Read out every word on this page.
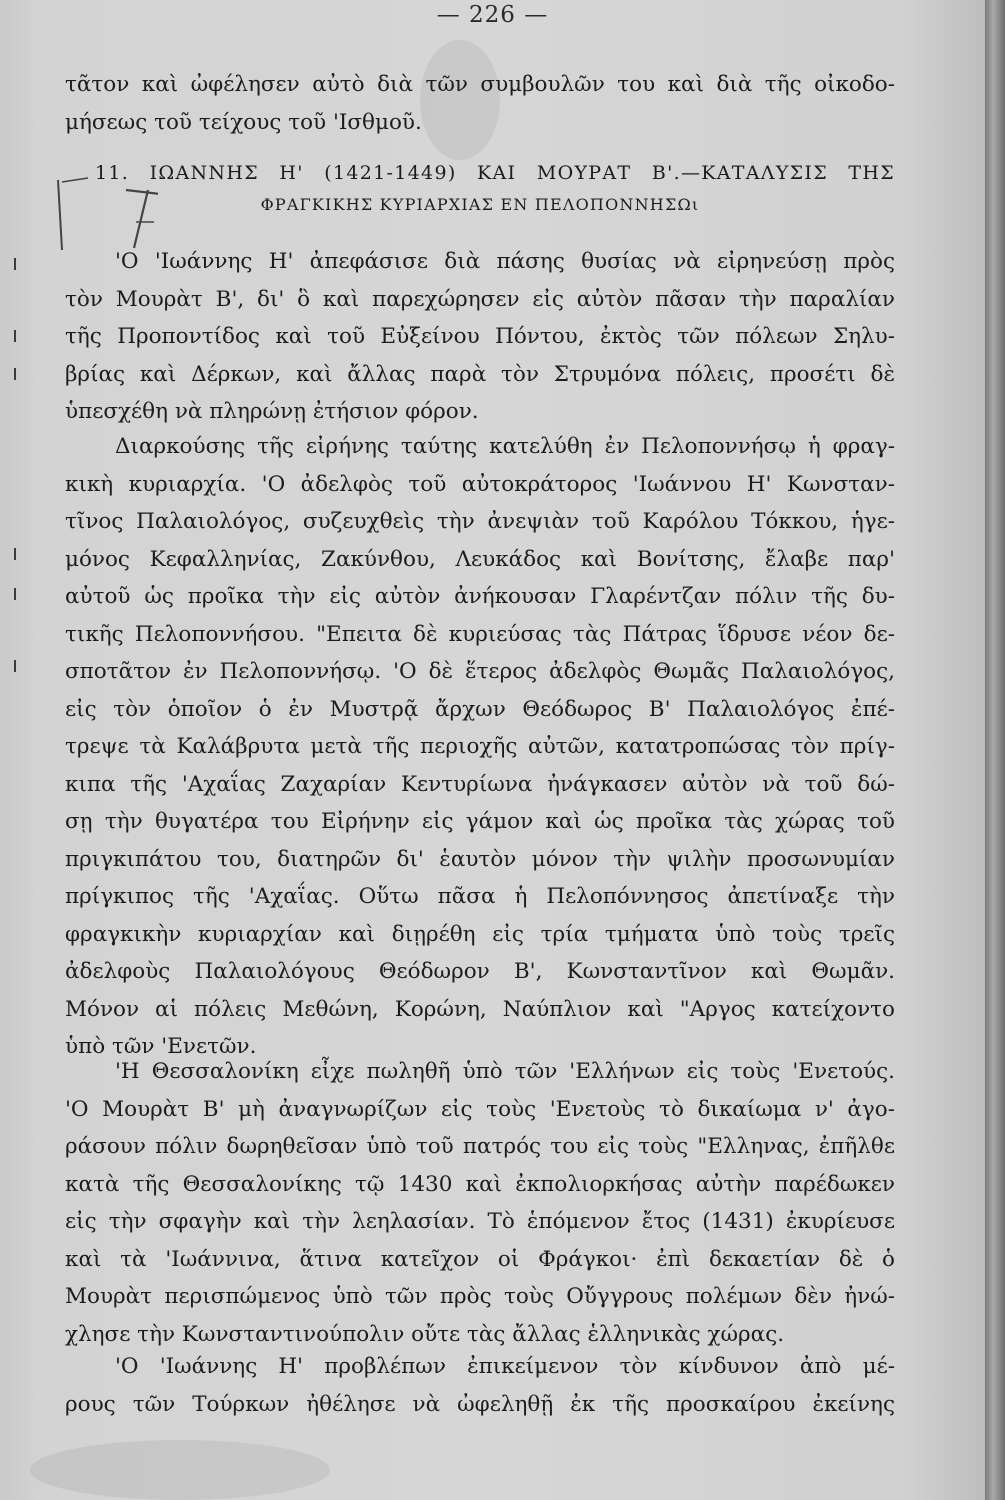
— 226 —
τᾶτον καὶ ὠφέλησεν αὐτὸ διὰ τῶν συμβουλῶν του καὶ διὰ τῆς οἰκοδο-
μήσεως τοῦ τείχους τοῦ 'Ισθμοῦ.
11. ΙΩΑΝΝΗΣ Η' (1421-1449) ΚΑΙ ΜΟΥΡΑΤ Β'.—ΚΑΤΑΛΥΣΙΣ ΤΗΣ
ΦΡΑΓΚΙΚΗΣ ΚΥΡΙΑΡΧΙΑΣ ΕΝ ΠΕΛΟΠΟΝΝΗΣΩι
'Ο 'Ιωάννης Η' ἀπεφάσισε διὰ πάσης θυσίας νὰ εἰρηνεύσῃ πρὸς
τὸν Μουρὰτ Β', δι' ὃ καὶ παρεχώρησεν εἰς αὐτὸν πᾶσαν τὴν παραλίαν
τῆς Προποντίδος καὶ τοῦ Εὐξείνου Πόντου, ἐκτὸς τῶν πόλεων Σηλυ-
βρίας καὶ Δέρκων, καὶ ἄλλας παρὰ τὸν Στρυμόνα πόλεις, προσέτι δὲ
ὑπεσχέθη νὰ πληρώνῃ ἐτήσιον φόρον.
Διαρκούσης τῆς εἰρήνης ταύτης κατελύθη ἐν Πελοποννήσῳ ἡ φραγ-
κικὴ κυριαρχία. 'Ο ἀδελφὸς τοῦ αὐτοκράτορος 'Ιωάννου Η' Κωνσταν-
τῖνος Παλαιολόγος, συζευχθεὶς τὴν ἀνεψιὰν τοῦ Καρόλου Τόκκου, ἡγε-
μόνος Κεφαλληνίας, Ζακύνθου, Λευκάδος καὶ Βονίτσης, ἔλαβε παρ'
αὐτοῦ ὡς προῖκα τὴν εἰς αὐτὸν ἀνήκουσαν Γλαρέντζαν πόλιν τῆς δυ-
τικῆς Πελοποννήσου. "Επειτα δὲ κυριεύσας τὰς Πάτρας ἵδρυσε νέον δε-
σποτᾶτον ἐν Πελοποννήσῳ. 'Ο δὲ ἕτερος ἀδελφὸς Θωμᾶς Παλαιολόγος,
εἰς τὸν ὁποῖον ὁ ἐν Μυστρᾷ ἄρχων Θεόδωρος Β' Παλαιολόγος ἐπέ-
τρεψε τὰ Καλάβρυτα μετὰ τῆς περιοχῆς αὐτῶν, κατατροπώσας τὸν πρίγ-
κιπα τῆς 'Αχαΐας Ζαχαρίαν Κεντυρίωνα ἠνάγκασεν αὐτὸν νὰ τοῦ δώ-
σῃ τὴν θυγατέρα του Εἰρήνην εἰς γάμον καὶ ὡς προῖκα τὰς χώρας τοῦ
πριγκιπάτου του, διατηρῶν δι' ἑαυτὸν μόνον τὴν ψιλὴν προσωνυμίαν
πρίγκιπος τῆς 'Αχαΐας. Οὕτω πᾶσα ἡ Πελοπόννησος ἀπετίναξε τὴν
φραγκικὴν κυριαρχίαν καὶ διῃρέθη εἰς τρία τμήματα ὑπὸ τοὺς τρεῖς
ἀδελφοὺς Παλαιολόγους Θεόδωρον Β', Κωνσταντῖνον καὶ Θωμᾶν.
Μόνον αἱ πόλεις Μεθώνη, Κορώνη, Ναύπλιον καὶ "Αργος κατείχοντο
ὑπὸ τῶν 'Ενετῶν.
'Η Θεσσαλονίκη εἶχε πωληθῆ ὑπὸ τῶν 'Ελλήνων εἰς τοὺς 'Ενετούς.
'Ο Μουρὰτ Β' μὴ ἀναγνωρίζων εἰς τοὺς 'Ενετοὺς τὸ δικαίωμα ν' ἀγο-
ράσουν πόλιν δωρηθεῖσαν ὑπὸ τοῦ πατρός του εἰς τοὺς "Ελληνας, ἐπῆλθε
κατὰ τῆς Θεσσαλονίκης τῷ 1430 καὶ ἐκπολιορκήσας αὐτὴν παρέδωκεν
εἰς τὴν σφαγὴν καὶ τὴν λεηλασίαν. Τὸ ἑπόμενον ἔτος (1431) ἐκυρίευσε
καὶ τὰ 'Ιωάννινα, ἅτινα κατεῖχον οἱ Φράγκοι· ἐπὶ δεκαετίαν δὲ ὁ
Μουρὰτ περισπώμενος ὑπὸ τῶν πρὸς τοὺς Οὔγγρους πολέμων δὲν ἠνώ-
χλησε τὴν Κωνσταντινούπολιν οὔτε τὰς ἄλλας ἑλληνικὰς χώρας.
'Ο 'Ιωάννης Η' προβλέπων ἐπικείμενον τὸν κίνδυνον ἀπὸ μέ-
ρους τῶν Τούρκων ἠθέλησε νὰ ὠφεληθῇ ἐκ τῆς προσκαίρου ἐκείνης
